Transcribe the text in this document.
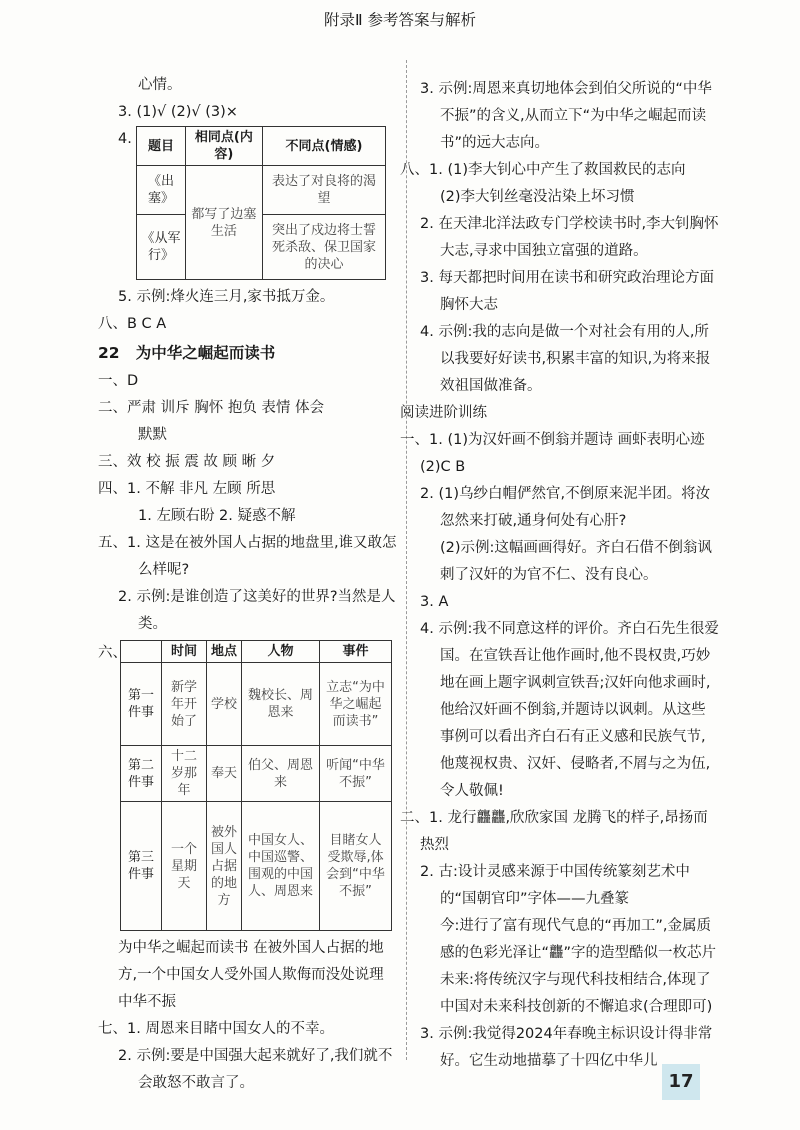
附录Ⅱ 参考答案与解析

心情。

3. (1)√ (2)√ (3)×

4.	题目	相同点(内容)	不同点(情感)
《出塞》	都写了边塞生活	表达了对良将的渴望
《从军行》		突出了戍边将士誓死杀敌、保卫国家的决心

5. 示例:烽火连三月,家书抵万金。

八、B C A

22 为中华之崛起而读书

一、D

二、严肃 训斥 胸怀 抱负 表情 体会

默默

三、效 校 振 震 故 顾 晰 夕

四、1. 不解 非凡 左顾 所思

1. 左顾右盼 2. 疑惑不解

五、1. 这是在被外国人占据的地盘里,谁又敢怎么样呢?

2. 示例:是谁创造了这美好的世界?当然是人类。

六、
		时间	地点	人物	事件
第一件事	新学年开始了	学校	魏校长、周恩来	立志“为中华之崛起而读书”
第二件事	十二岁那年	奉天	伯父、周恩来	听闻“中华不振”
第三件事	一个星期天	被外国人占据的地方	中国女人、中国巡警、围观的中国人、周恩来	目睹女人受欺辱,体会到“中华不振”

为中华之崛起而读书 在被外国人占据的地方,一个中国女人受外国人欺侮而没处说理 中华不振

七、1. 周恩来目睹中国女人的不幸。

2. 示例:要是中国强大起来就好了,我们就不会敢怒不敢言了。

3. 示例:周恩来真切地体会到伯父所说的“中华不振”的含义,从而立下“为中华之崛起而读书”的远大志向。

八、1. (1)李大钊心中产生了救国救民的志向

(2)李大钊丝毫没沾染上坏习惯

2. 在天津北洋法政专门学校读书时,李大钊胸怀大志,寻求中国独立富强的道路。

3. 每天都把时间用在读书和研究政治理论方面 胸怀大志

4. 示例:我的志向是做一个对社会有用的人,所以我要好好读书,积累丰富的知识,为将来报效祖国做准备。

阅读进阶训练

一、1. (1)为汉奸画不倒翁并题诗 画虾表明心迹 (2)C B

2. (1)乌纱白帽俨然官,不倒原来泥半团。将汝忽然来打破,通身何处有心肝?

(2)示例:这幅画画得好。齐白石借不倒翁讽刺了汉奸的为官不仁、没有良心。

3. A

4. 示例:我不同意这样的评价。齐白石先生很爱国。在宣铁吾让他作画时,他不畏权贵,巧妙地在画上题字讽刺宣铁吾;汉奸向他求画时,他给汉奸画不倒翁,并题诗以讽刺。从这些事例可以看出齐白石有正义感和民族气节,他蔑视权贵、汉奸、侵略者,不屑与之为伍,令人敬佩!

二、1. 龙行龘龘,欣欣家国 龙腾飞的样子,昂扬而热烈

2. 古:设计灵感来源于中国传统篆刻艺术中的“国朝官印”字体——九叠篆

今:进行了富有现代气息的“再加工”,金属质感的色彩光泽让“龘”字的造型酷似一枚芯片

未来:将传统汉字与现代科技相结合,体现了中国对未来科技创新的不懈追求(合理即可)

3. 示例:我觉得2024年春晚主标识设计得非常好。它生动地描摹了十四亿中华儿

17
